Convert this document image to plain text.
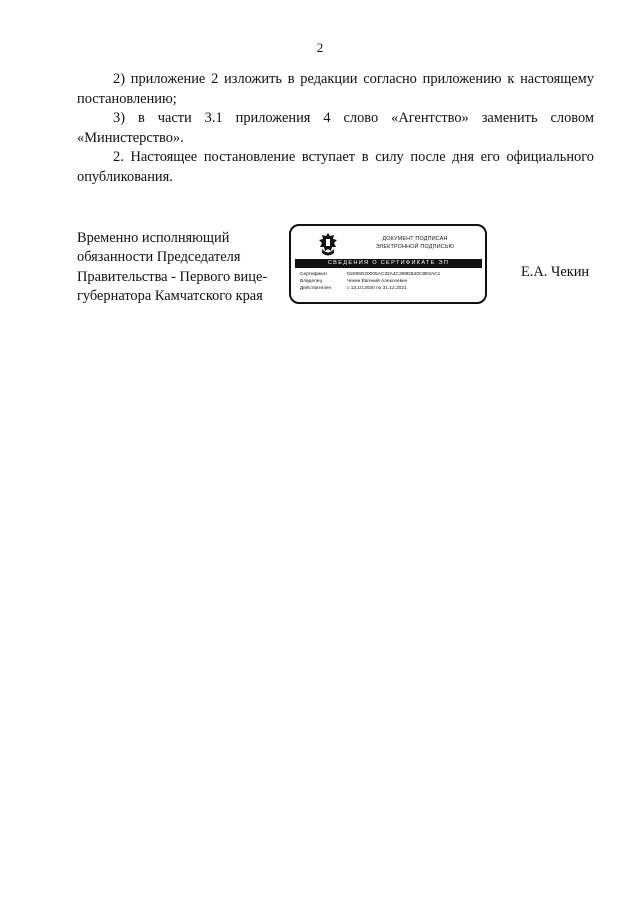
2

2) приложение 2 изложить в редакции согласно приложению к настоящему постановлению;

3) в части 3.1 приложения 4 слово «Агентство» заменить словом «Министерство».

2. Настоящее постановление вступает в силу после дня его официального опубликования.

Временно исполняющий
обязанности Председателя
Правительства - Первого вице-
губернатора Камчатского края
ДОКУМЕНТ ПОДПИСАН
ЭЛЕКТРОННОЙ ПОДПИСЬЮ
СВЕДЕНИЯ О СЕРТИФИКАТЕ ЭП
Сертификат	01E95D20005AC32A4C399DB40C8E0AC1
Владелец	Чекин Евгений Алексеевич
Действителен	с 13.10.2020 по 31.12.2021
Е.А. Чекин
